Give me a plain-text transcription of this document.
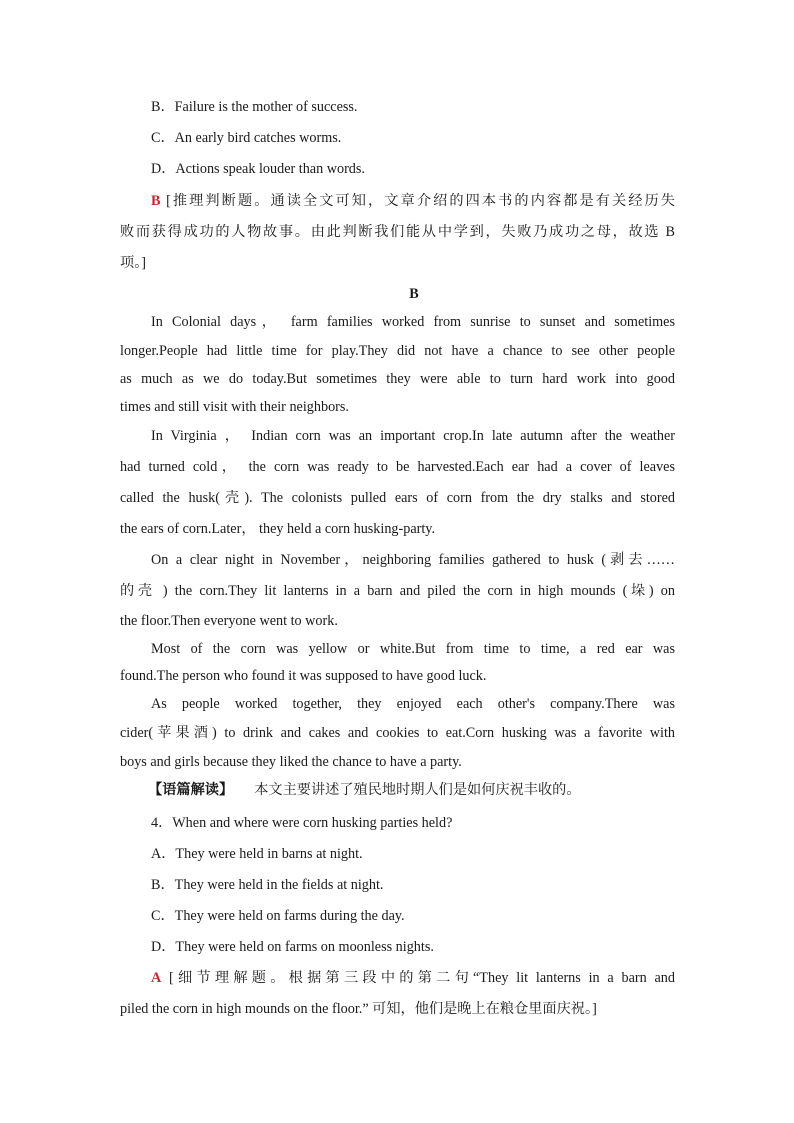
B．Failure is the mother of success.
C．An early bird catches worms.
D．Actions speak louder than words.
B [推理判断题。通读全文可知，文章介绍的四本书的内容都是有关经历失
败而获得成功的人物故事。由此判断我们能从中学到，失败乃成功之母，故选 B
项。]
B
In Colonial days， farm families worked from sunrise to sunset and sometimes
longer.People had little time for play.They did not have a chance to see other people
as much as we do today.But sometimes they were able to turn hard work into good
times and still visit with their neighbors.
In Virginia ， Indian corn was an important crop.In late autumn after the weather
had turned cold， the corn was ready to be harvested.Each ear had a cover of leaves
called the husk(壳). The colonists pulled ears of corn from the dry stalks and stored
the ears of corn.Later， they held a corn husking-party.
On a clear night in November，neighboring families gathered to husk (剥去……
的壳 ) the corn.They lit lanterns in a barn and piled the corn in high mounds (垛) on
the floor.Then everyone went to work.
Most of the corn was yellow or white.But from time to time, a red ear was
found.The person who found it was supposed to have good luck.
As people worked together, they enjoyed each other's company.There was
cider(苹果酒) to drink and cakes and cookies to eat.Corn husking was a favorite with
boys and girls because they liked the chance to have a party.
【语篇解读】 本文主要讲述了殖民地时期人们是如何庆祝丰收的。
4．When and where were corn husking parties held?
A．They were held in barns at night.
B．They were held in the fields at night.
C．They were held on farms during the day.
D．They were held on farms on moonless nights.
A [细节理解题。根据第三段中的第二句“They lit lanterns in a barn and
piled the corn in high mounds on the floor.” 可知，他们是晚上在粮仓里面庆祝。]
